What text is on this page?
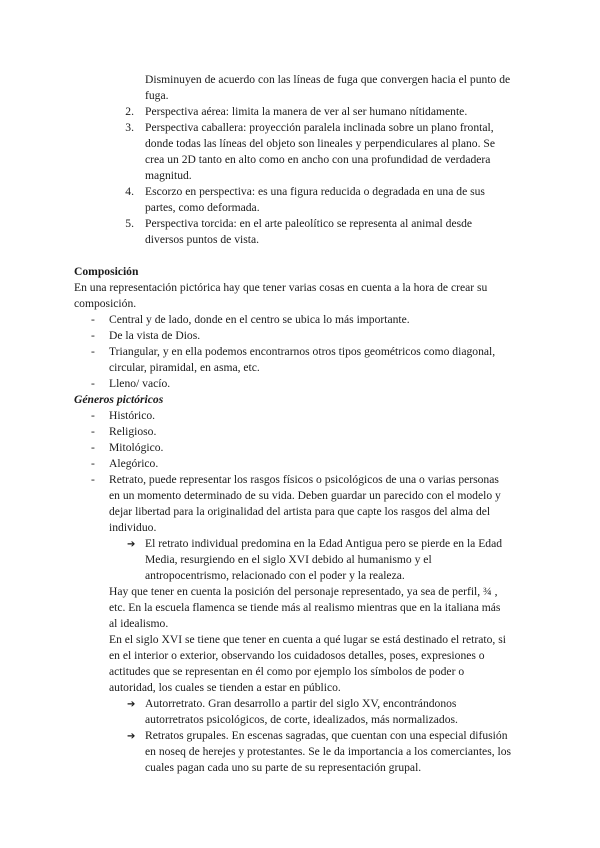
Disminuyen de acuerdo con las líneas de fuga que convergen hacia el punto de
fuga.
2. Perspectiva aérea: limita la manera de ver al ser humano nítidamente.
3. Perspectiva caballera: proyección paralela inclinada sobre un plano frontal,
donde todas las líneas del objeto son lineales y perpendiculares al plano. Se
crea un 2D tanto en alto como en ancho con una profundidad de verdadera
magnitud.
4. Escorzo en perspectiva: es una figura reducida o degradada en una de sus
partes, como deformada.
5. Perspectiva torcida: en el arte paleolítico se representa al animal desde
diversos puntos de vista.
Composición
En una representación pictórica hay que tener varias cosas en cuenta a la hora de crear su
composición.
- Central y de lado, donde en el centro se ubica lo más importante.
- De la vista de Dios.
- Triangular, y en ella podemos encontrarnos otros tipos geométricos como diagonal,
circular, piramidal, en asma, etc.
- Lleno/ vacío.
Géneros pictóricos
- Histórico.
- Religioso.
- Mitológico.
- Alegórico.
- Retrato, puede representar los rasgos físicos o psicológicos de una o varias personas
en un momento determinado de su vida. Deben guardar un parecido con el modelo y
dejar libertad para la originalidad del artista para que capte los rasgos del alma del
individuo.
➔ El retrato individual predomina en la Edad Antigua pero se pierde en la Edad
Media, resurgiendo en el siglo XVI debido al humanismo y el
antropocentrismo, relacionado con el poder y la realeza.
Hay que tener en cuenta la posición del personaje representado, ya sea de perfil, ¾ ,
etc. En la escuela flamenca se tiende más al realismo mientras que en la italiana más
al idealismo.
En el siglo XVI se tiene que tener en cuenta a qué lugar se está destinado el retrato, si
en el interior o exterior, observando los cuidadosos detalles, poses, expresiones o
actitudes que se representan en él como por ejemplo los símbolos de poder o
autoridad, los cuales se tienden a estar en público.
➔ Autorretrato. Gran desarrollo a partir del siglo XV, encontrándonos
autorretratos psicológicos, de corte, idealizados, más normalizados.
➔ Retratos grupales. En escenas sagradas, que cuentan con una especial difusión
en noseq de herejes y protestantes. Se le da importancia a los comerciantes, los
cuales pagan cada uno su parte de su representación grupal.
